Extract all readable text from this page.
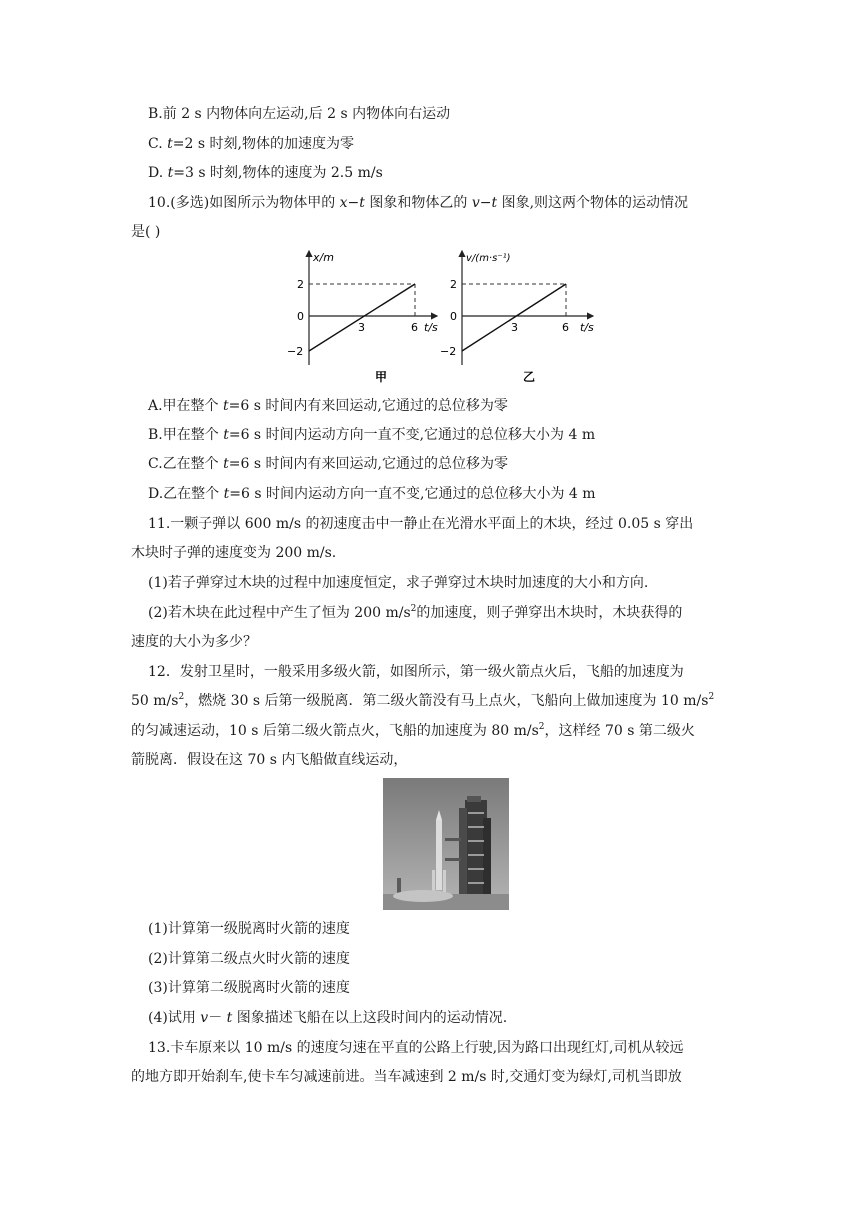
B.前 2 s 内物体向左运动,后 2 s 内物体向右运动
C. t=2 s 时刻,物体的加速度为零
D. t=3 s 时刻,物体的速度为 2.5 m/s
10.(多选)如图所示为物体甲的 x−t 图象和物体乙的 v−t 图象,则这两个物体的运动情况
是( )
x/m
t/s
2
0
−2
3	6
甲
v/(m·s⁻¹)
t/s
2
0
−2
3	6
乙
A.甲在整个 t=6 s 时间内有来回运动,它通过的总位移为零
B.甲在整个 t=6 s 时间内运动方向一直不变,它通过的总位移大小为 4 m
C.乙在整个 t=6 s 时间内有来回运动,它通过的总位移为零
D.乙在整个 t=6 s 时间内运动方向一直不变,它通过的总位移大小为 4 m
11.一颗子弹以 600 m/s 的初速度击中一静止在光滑水平面上的木块，经过 0.05 s 穿出
木块时子弹的速度变为 200 m/s.
(1)若子弹穿过木块的过程中加速度恒定，求子弹穿过木块时加速度的大小和方向.
(2)若木块在此过程中产生了恒为 200 $m/s^2$的加速度，则子弹穿出木块时，木块获得的
速度的大小为多少？
12．发射卫星时，一般采用多级火箭，如图所示，第一级火箭点火后，飞船的加速度为
50 $m/s^2$，燃烧 30 s 后第一级脱离．第二级火箭没有马上点火，飞船向上做加速度为 10 $m/s^2$
的匀减速运动，10 s 后第二级火箭点火，飞船的加速度为 80 $m/s^2$，这样经 70 s 第二级火
箭脱离．假设在这 70 s 内飞船做直线运动，
(1)计算第一级脱离时火箭的速度
(2)计算第二级点火时火箭的速度
(3)计算第二级脱离时火箭的速度
(4)试用 v－ t 图象描述飞船在以上这段时间内的运动情况.
13.卡车原来以 10 m/s 的速度匀速在平直的公路上行驶,因为路口出现红灯,司机从较远
的地方即开始刹车,使卡车匀减速前进。当车减速到 2 m/s 时,交通灯变为绿灯,司机当即放
